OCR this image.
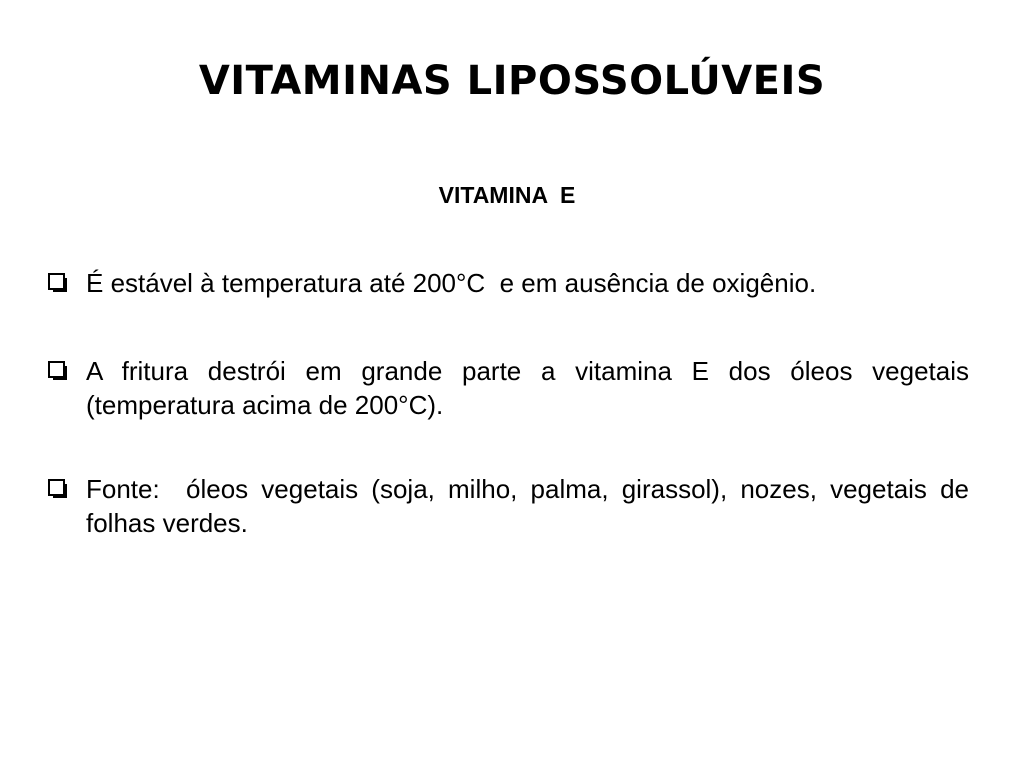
VITAMINAS LIPOSSOLÚVEIS
VITAMINA  E
É estável à temperatura até 200°C  e em ausência de oxigênio.
A fritura destrói em grande parte a vitamina E dos óleos vegetais (temperatura acima de 200°C).
Fonte:  óleos vegetais (soja, milho, palma, girassol), nozes, vegetais de folhas verdes.
